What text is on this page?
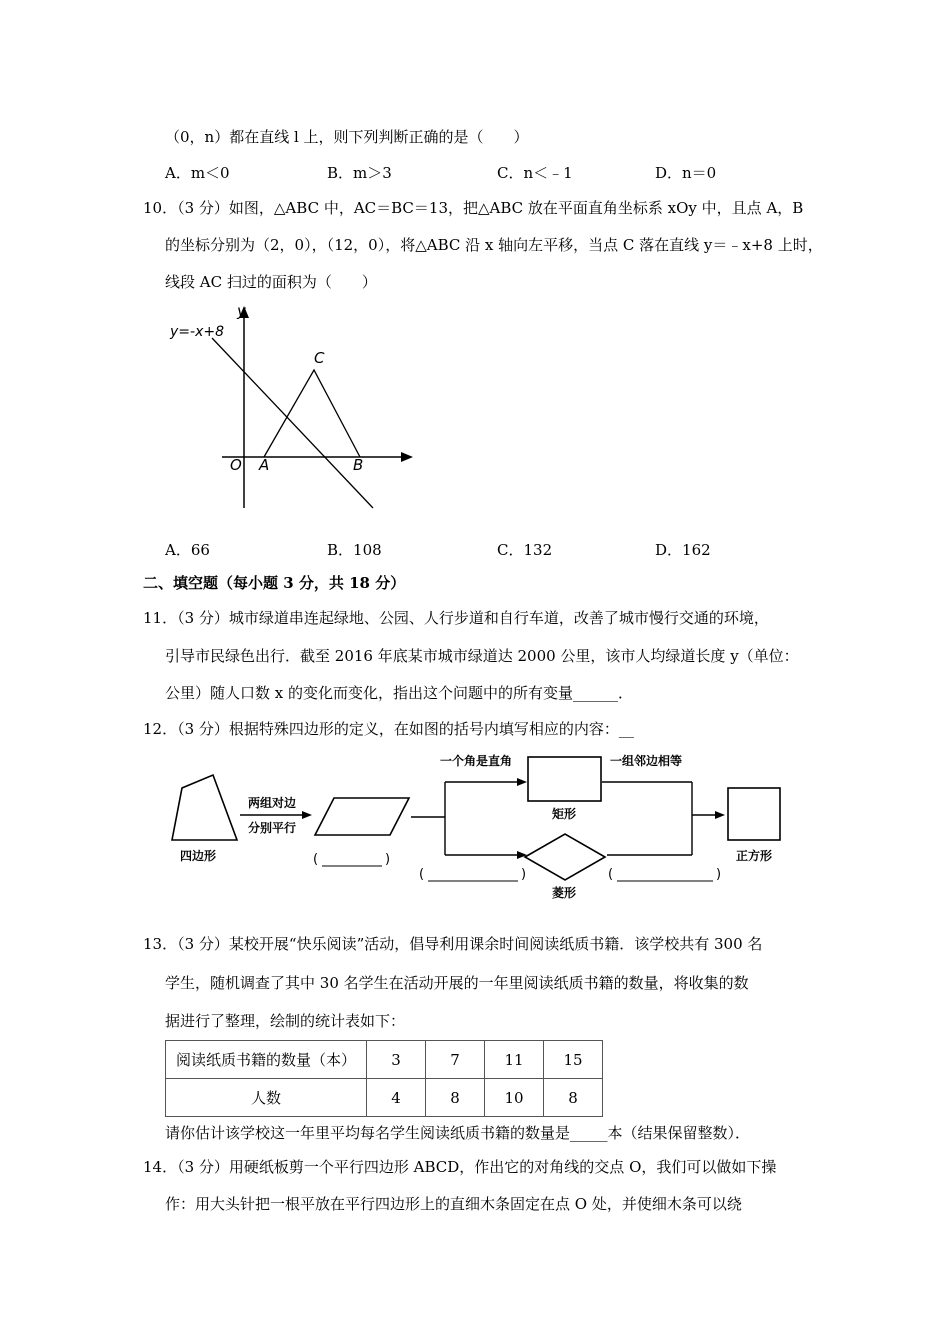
（0，n）都在直线 l 上，则下列判断正确的是（　　）
A．m＜0	B．m＞3	C．n＜﹣1	D．n＝0
10．（3 分）如图，△ABC 中，AC＝BC＝13，把△ABC 放在平面直角坐标系 xOy 中，且点 A，B
的坐标分别为（2，0），（12，0），将△ABC 沿 x 轴向左平移，当点 C 落在直线 y＝﹣x+8 上时，
线段 AC 扫过的面积为（　　）
y=-x+8
y
O A	B
C
A．66	B．108	C．132	D．162
二、填空题（每小题 3 分，共 18 分）
11．（3 分）城市绿道串连起绿地、公园、人行步道和自行车道，改善了城市慢行交通的环境，
引导市民绿色出行．截至 2016 年底某市城市绿道达 2000 公里，该市人均绿道长度 y（单位：
公里）随人口数 x 的变化而变化，指出这个问题中的所有变量______．
12．（3 分）根据特殊四边形的定义，在如图的括号内填写相应的内容：__
四边形
两组对边
分别平行
(	)
一个角是直角
(	)
矩形
菱形
一组邻边相等
(	)
正方形
13．（3 分）某校开展“快乐阅读”活动，倡导利用课余时间阅读纸质书籍．该学校共有 300 名
学生，随机调查了其中 30 名学生在活动开展的一年里阅读纸质书籍的数量，将收集的数
据进行了整理，绘制的统计表如下：
阅读纸质书籍的数量（本）	3	7	11	15
人数	4	8	10	8
请你估计该学校这一年里平均每名学生阅读纸质书籍的数量是_____本（结果保留整数）．
14．（3 分）用硬纸板剪一个平行四边形 ABCD，作出它的对角线的交点 O，我们可以做如下操
作：用大头针把一根平放在平行四边形上的直细木条固定在点 O 处，并使细木条可以绕
